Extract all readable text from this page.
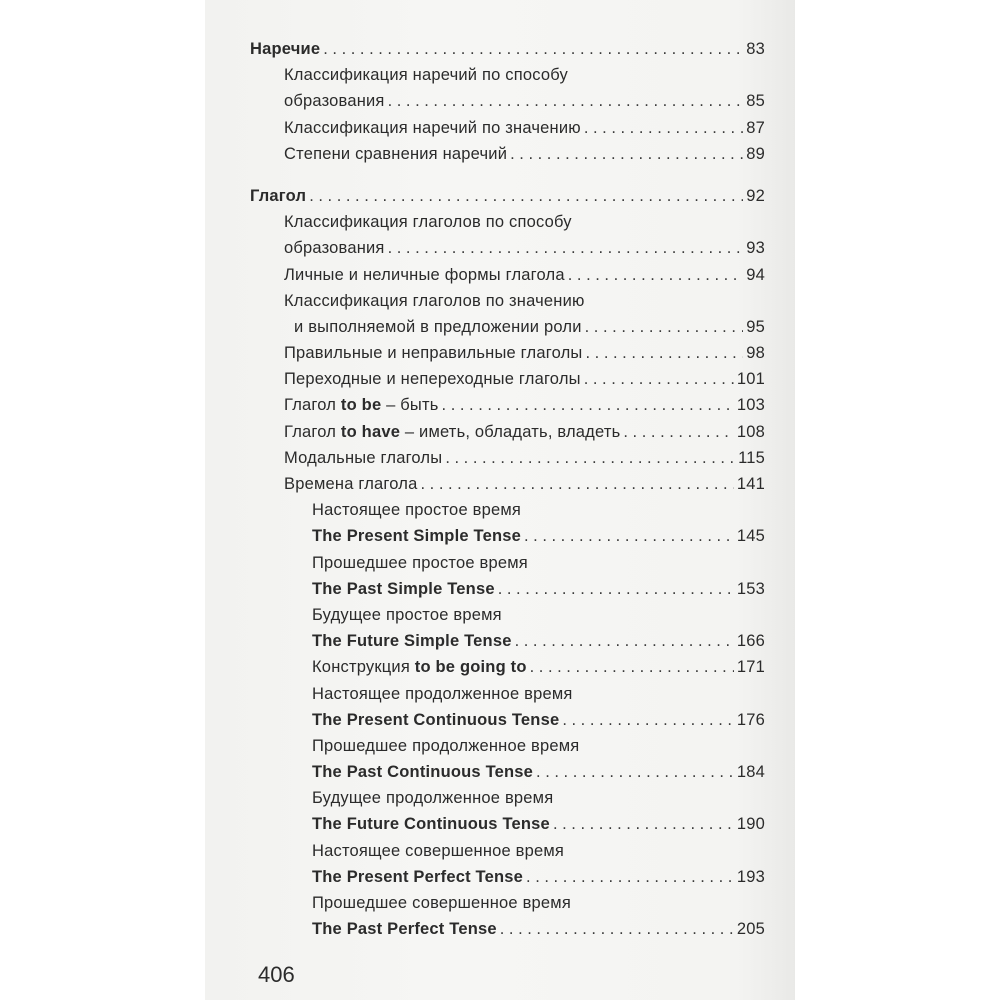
Наречие . . .	83
Классификация наречий по способу
образования . . .	85
Классификация наречий по значению . . .	87
Степени сравнения наречий . . .	89
Глагол . . .	92
Классификация глаголов по способу
образования . . .	93
Личные и неличные формы глагола . . .	94
Классификация глаголов по значению
и выполняемой в предложении роли . . .	95
Правильные и неправильные глаголы . . .	98
Переходные и непереходные глаголы . . .	101
Глагол to be – быть . . .	103
Глагол to have – иметь, обладать, владеть . . .	108
Модальные глаголы . . .	115
Времена глагола . . .	141
Настоящее простое время
The Present Simple Tense . . .	145
Прошедшее простое время
The Past Simple Tense . . .	153
Будущее простое время
The Future Simple Tense . . .	166
Конструкция to be going to . . .	171
Настоящее продолженное время
The Present Continuous Tense . . .	176
Прошедшее продолженное время
The Past Continuous Tense . . .	184
Будущее продолженное время
The Future Continuous Tense . . .	190
Настоящее совершенное время
The Present Perfect Tense . . .	193
Прошедшее совершенное время
The Past Perfect Tense . . .	205
406
